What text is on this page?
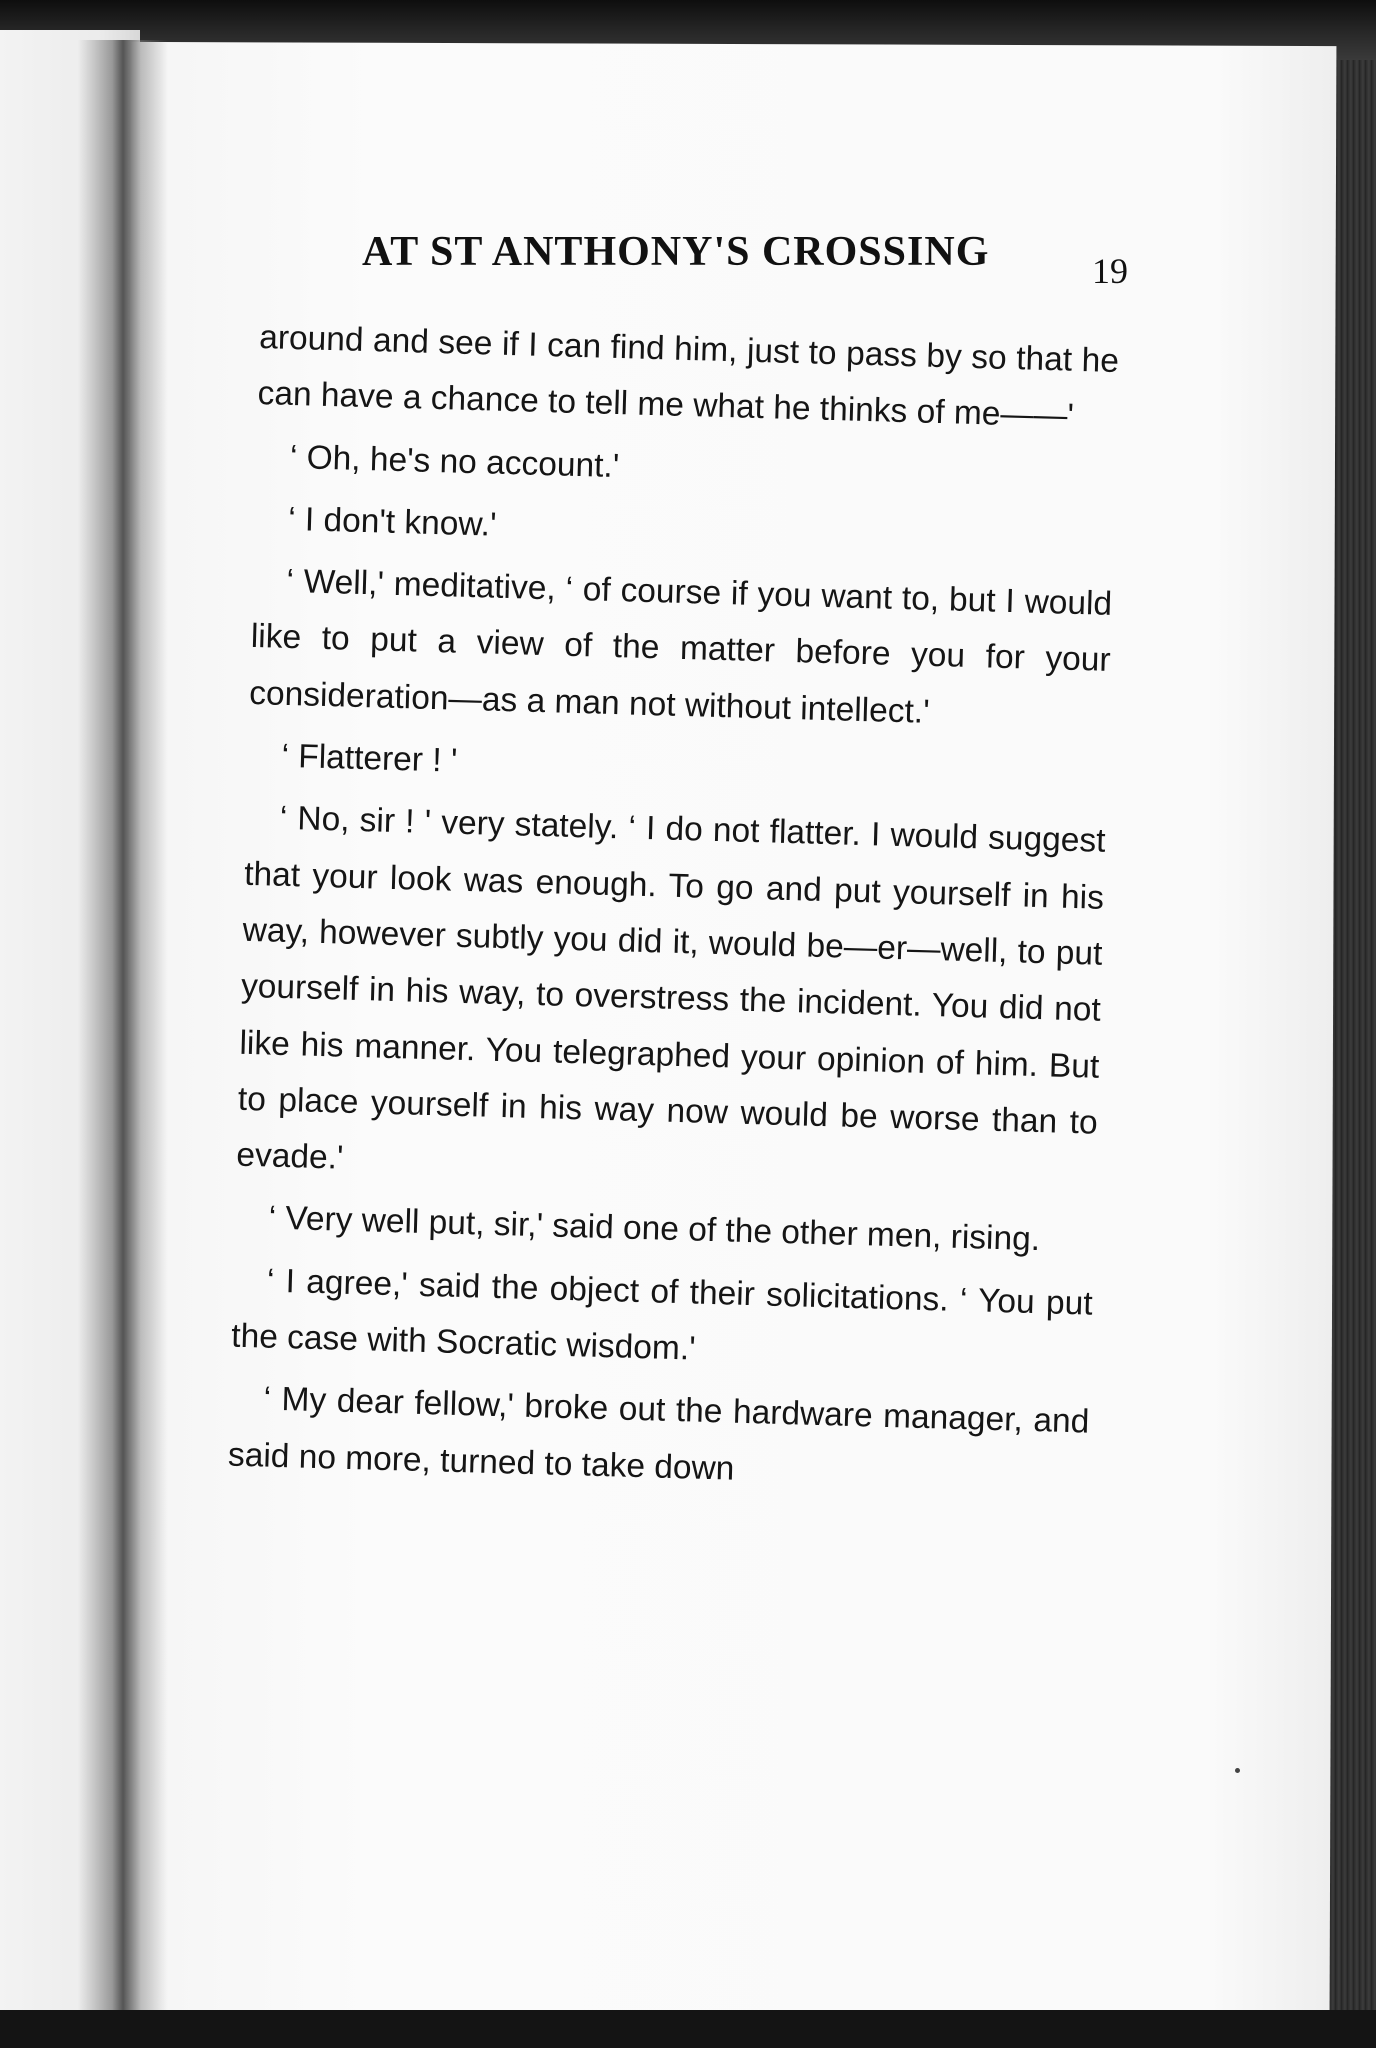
AT ST ANTHONY'S CROSSING	19

around and see if I can find him, just to pass by so that he can have a chance to tell me what he thinks of me——'

‘ Oh, he's no account.'

‘ I don't know.'

‘ Well,' meditative, ‘ of course if you want to, but I would like to put a view of the matter before you for your consideration—as a man not without intellect.'

‘ Flatterer ! '

‘ No, sir ! ' very stately. ‘ I do not flatter. I would suggest that your look was enough. To go and put yourself in his way, however subtly you did it, would be—er—well, to put yourself in his way, to overstress the incident. You did not like his manner. You telegraphed your opinion of him. But to place yourself in his way now would be worse than to evade.'

‘ Very well put, sir,' said one of the other men, rising.

‘ I agree,' said the object of their solicitations. ‘ You put the case with Socratic wisdom.'

‘ My dear fellow,' broke out the hardware manager, and said no more, turned to take down
